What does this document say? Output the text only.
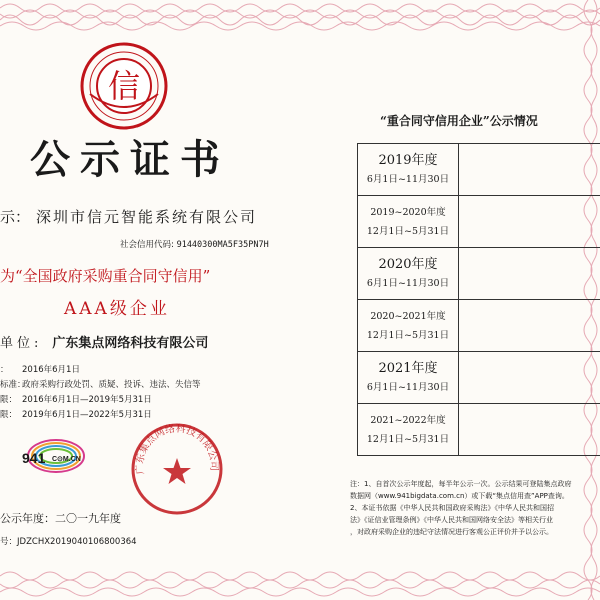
信
公示证书
示： 深圳市信元智能系统有限公司
社会信用代码: 91440300MA5F35PN7H
为“全国政府采购重合同守信用”
AAA级企业
单位: 广东集点网络科技有限公司
： 2016年6月1日
标准：政府采购行政处罚、质疑、投诉、违法、失信等
限： 2016年6月1日—2019年5月31日
限： 2019年6月1日—2022年5月31日
941 C⊙M.CN
广东集点网络科技有限公司
公示年度：二〇一九年度
号：JDZCHX2019040106800364
“重合同守信用企业”公示情况
2019年度
6月1日~11月30日	

2019~2020年度
12月1日~5月31日	

2020年度
6月1日~11月30日	

2020~2021年度
12月1日~5月31日	

2021年度
6月1日~11月30日	

2021~2022年度
12月1日~5月31日	

注：1、自首次公示年度起，每半年公示一次。公示结果可登陆集点政府
数据网（www.941bigdata.com.cn）或下载“集点信用查”APP查询。
2、本证书依据《中华人民共和国政府采购法》《中华人民共和国招
法》《证信业管理条例》《中华人民共和国网络安全法》等相关行业
，对政府采购企业的违纪守法情况进行客观公正评价并予以公示。
